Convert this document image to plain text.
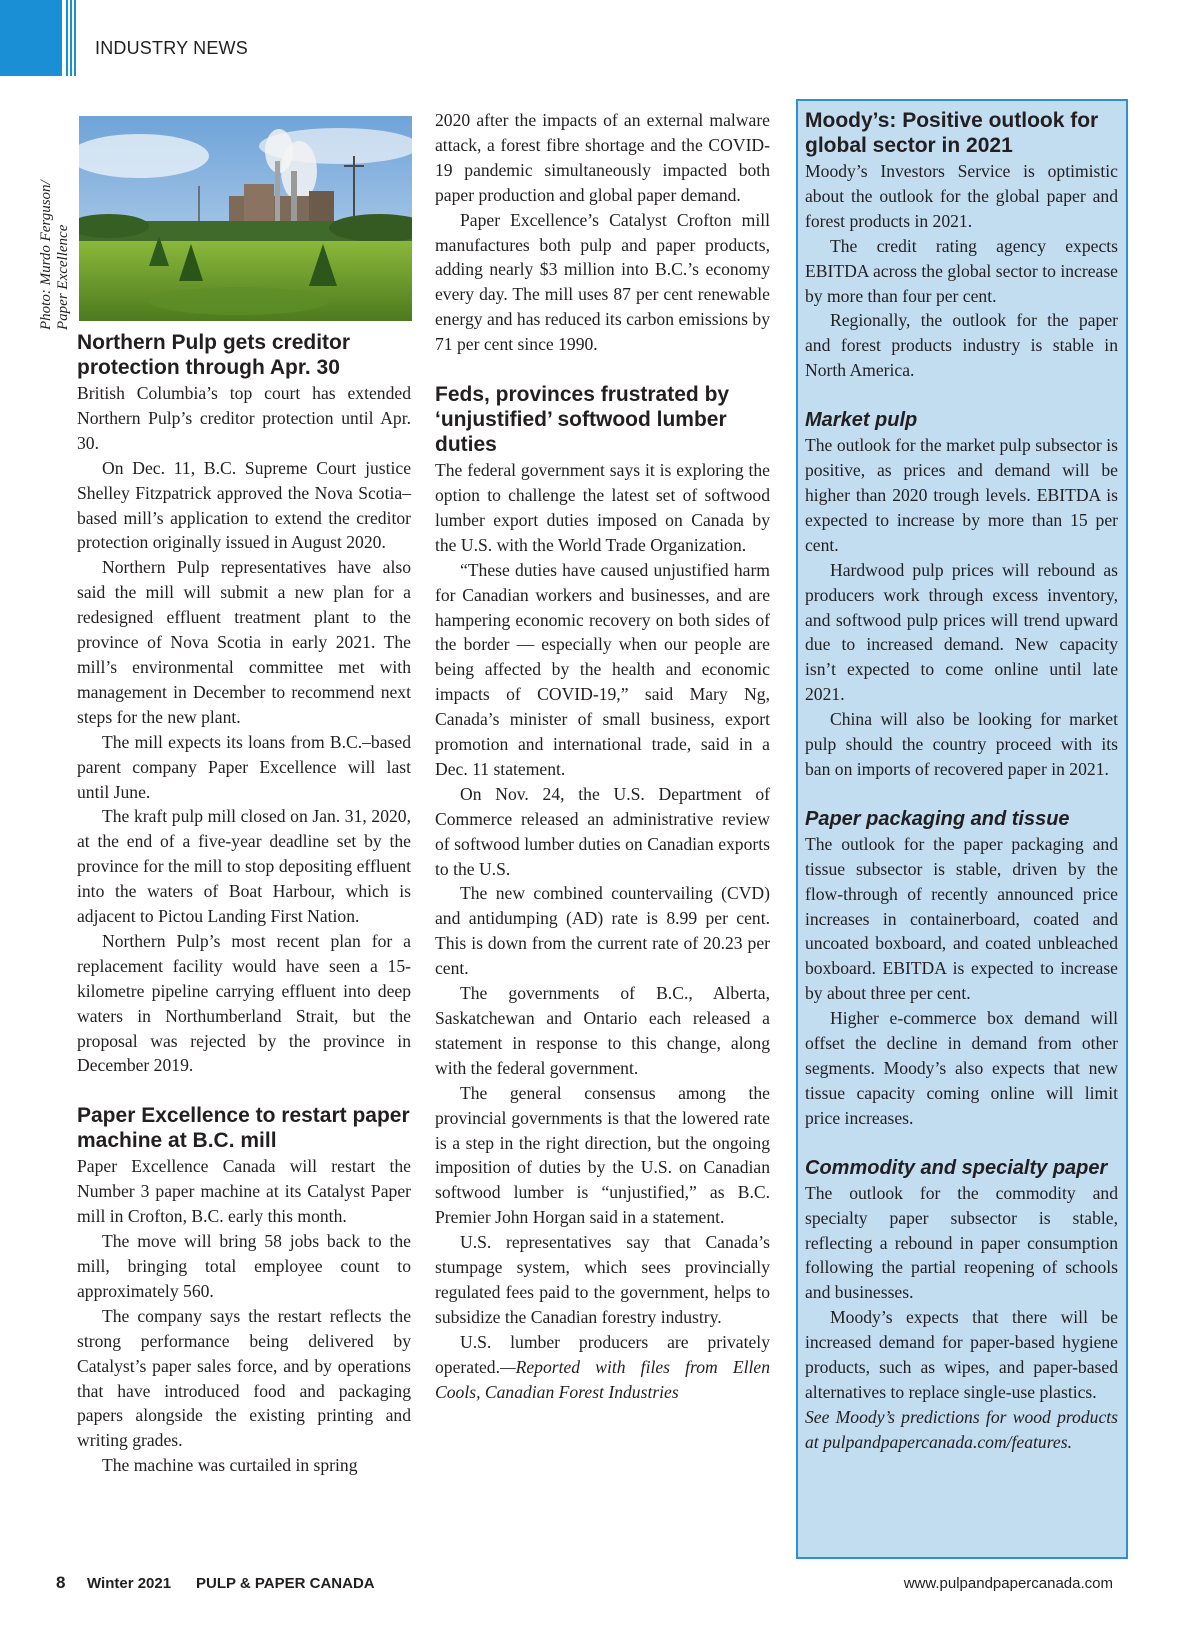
INDUSTRY NEWS
Photo: Murdo Ferguson/ Paper Excellence
Northern Pulp gets creditor protection through Apr. 30

British Columbia’s top court has extended Northern Pulp’s creditor protection until Apr. 30.

On Dec. 11, B.C. Supreme Court justice Shelley Fitzpatrick approved the Nova Scotia–based mill’s application to extend the creditor protection originally issued in August 2020.

Northern Pulp representatives have also said the mill will submit a new plan for a redesigned effluent treatment plant to the province of Nova Scotia in early 2021. The mill’s environmental committee met with management in December to recommend next steps for the new plant.

The mill expects its loans from B.C.–based parent company Paper Excellence will last until June.

The kraft pulp mill closed on Jan. 31, 2020, at the end of a five-year deadline set by the province for the mill to stop depositing effluent into the waters of Boat Harbour, which is adjacent to Pictou Landing First Nation.

Northern Pulp’s most recent plan for a replacement facility would have seen a 15-kilometre pipeline carrying effluent into deep waters in Northumberland Strait, but the proposal was rejected by the province in December 2019.

Paper Excellence to restart paper machine at B.C. mill

Paper Excellence Canada will restart the Number 3 paper machine at its Catalyst Paper mill in Crofton, B.C. early this month.

The move will bring 58 jobs back to the mill, bringing total employee count to approximately 560.

The company says the restart reflects the strong performance being delivered by Catalyst’s paper sales force, and by operations that have introduced food and packaging papers alongside the existing printing and writing grades.

The machine was curtailed in spring

2020 after the impacts of an external malware attack, a forest fibre shortage and the COVID-19 pandemic simultaneously impacted both paper production and global paper demand.

Paper Excellence’s Catalyst Crofton mill manufactures both pulp and paper products, adding nearly $3 million into B.C.’s economy every day. The mill uses 87 per cent renewable energy and has reduced its carbon emissions by 71 per cent since 1990.

Feds, provinces frustrated by ‘unjustified’ softwood lumber duties

The federal government says it is exploring the option to challenge the latest set of softwood lumber export duties imposed on Canada by the U.S. with the World Trade Organization.

“These duties have caused unjustified harm for Canadian workers and businesses, and are hampering economic recovery on both sides of the border — especially when our people are being affected by the health and economic impacts of COVID-19,” said Mary Ng, Canada’s minister of small business, export promotion and international trade, said in a Dec. 11 statement.

On Nov. 24, the U.S. Department of Commerce released an administrative review of softwood lumber duties on Canadian exports to the U.S.

The new combined countervailing (CVD) and antidumping (AD) rate is 8.99 per cent. This is down from the current rate of 20.23 per cent.

The governments of B.C., Alberta, Saskatchewan and Ontario each released a statement in response to this change, along with the federal government.

The general consensus among the provincial governments is that the lowered rate is a step in the right direction, but the ongoing imposition of duties by the U.S. on Canadian softwood lumber is “unjustified,” as B.C. Premier John Horgan said in a statement.

U.S. representatives say that Canada’s stumpage system, which sees provincially regulated fees paid to the government, helps to subsidize the Canadian forestry industry.

U.S. lumber producers are privately operated.—Reported with files from Ellen Cools, Canadian Forest Industries

Moody’s: Positive outlook for global sector in 2021

Moody’s Investors Service is optimistic about the outlook for the global paper and forest products in 2021.

The credit rating agency expects EBITDA across the global sector to increase by more than four per cent.

Regionally, the outlook for the paper and forest products industry is stable in North America.

Market pulp

The outlook for the market pulp subsector is positive, as prices and demand will be higher than 2020 trough levels. EBITDA is expected to increase by more than 15 per cent.

Hardwood pulp prices will rebound as producers work through excess inventory, and softwood pulp prices will trend upward due to increased demand. New capacity isn’t expected to come online until late 2021.

China will also be looking for market pulp should the country proceed with its ban on imports of recovered paper in 2021.

Paper packaging and tissue

The outlook for the paper packaging and tissue subsector is stable, driven by the flow-through of recently announced price increases in containerboard, coated and uncoated boxboard, and coated unbleached boxboard. EBITDA is expected to increase by about three per cent.

Higher e-commerce box demand will offset the decline in demand from other segments. Moody’s also expects that new tissue capacity coming online will limit price increases.

Commodity and specialty paper

The outlook for the commodity and specialty paper subsector is stable, reflecting a rebound in paper consumption following the partial reopening of schools and businesses.

Moody’s expects that there will be increased demand for paper-based hygiene products, such as wipes, and paper-based alternatives to replace single-use plastics.

See Moody’s predictions for wood products at pulpandpapercanada.com/features.

8 Winter 2021 PULP & PAPER CANADA	www.pulpandpapercanada.com
